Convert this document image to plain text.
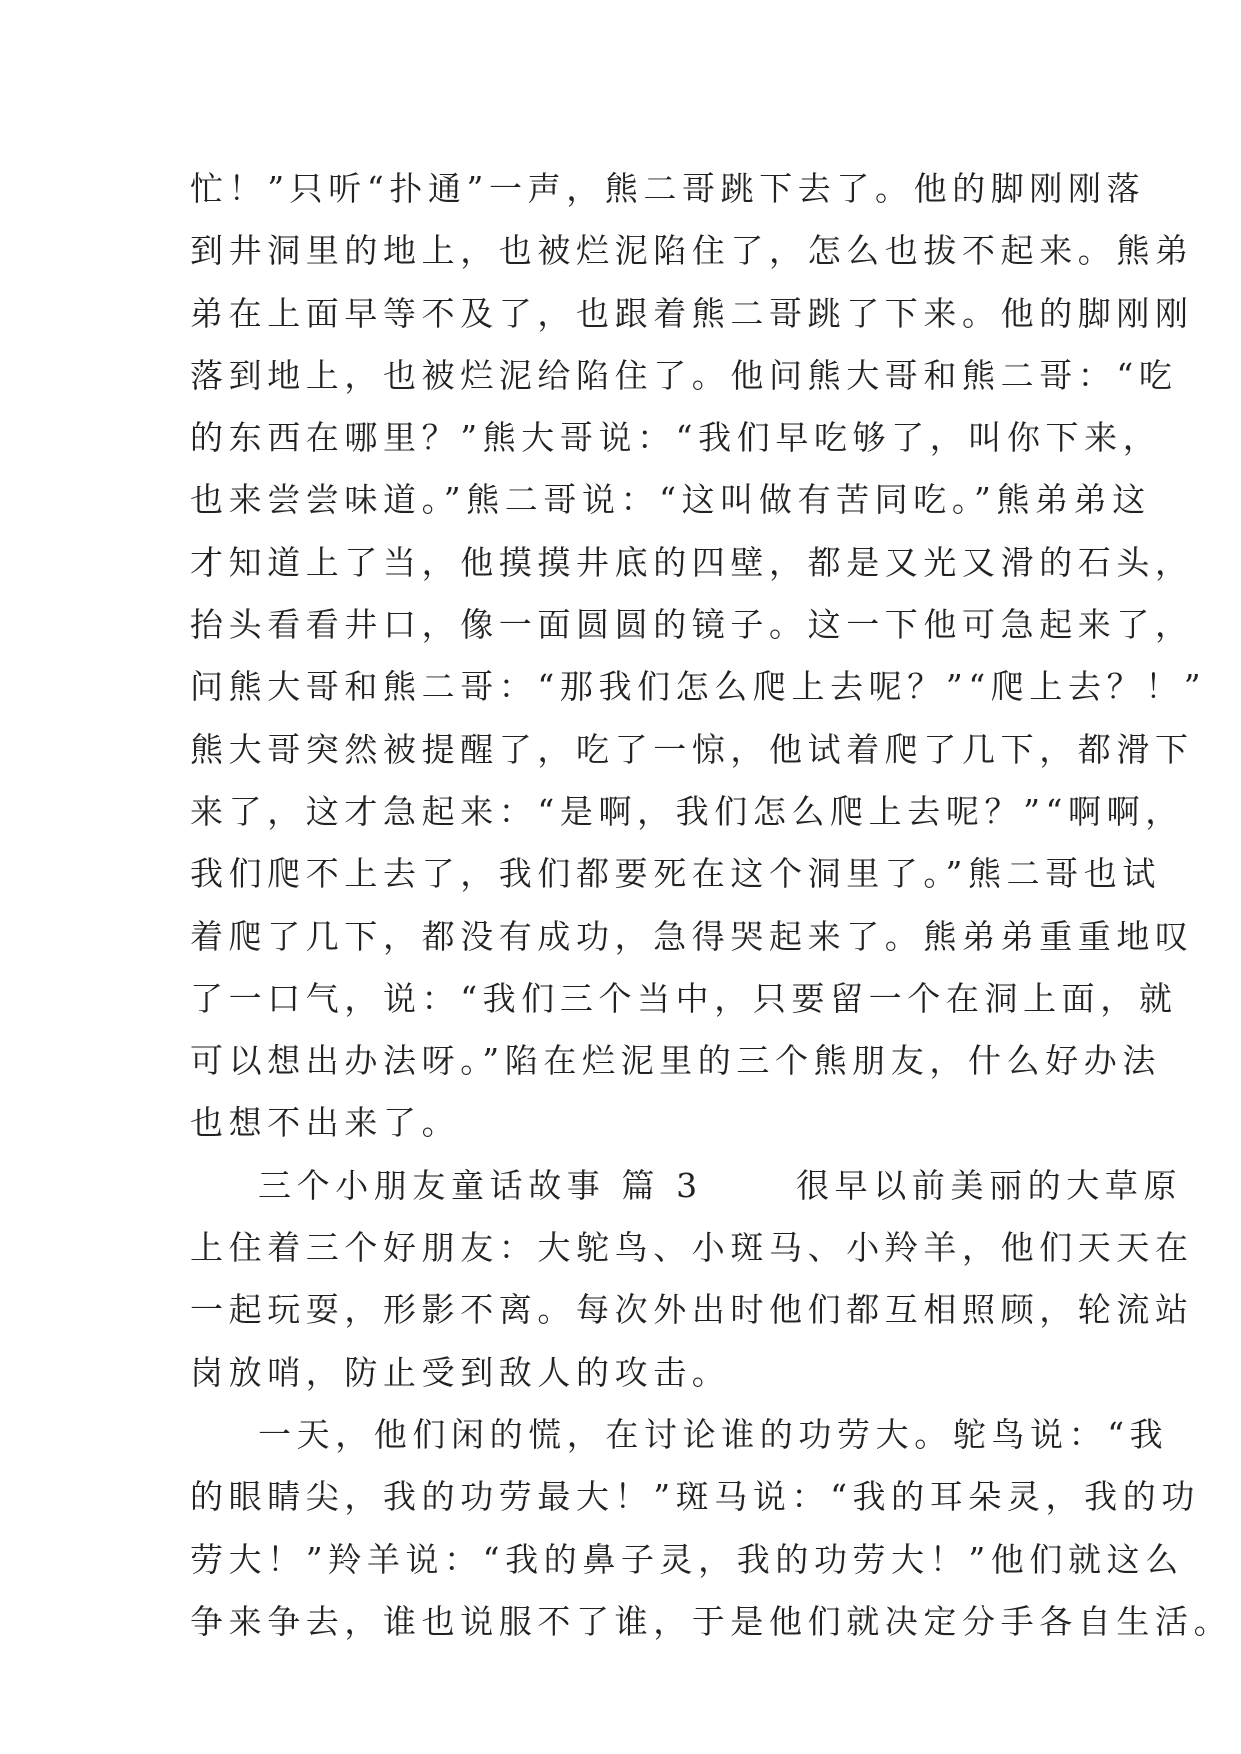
忙！”只听“扑通”一声，熊二哥跳下去了。他的脚刚刚落
到井洞里的地上，也被烂泥陷住了，怎么也拔不起来。熊弟
弟在上面早等不及了，也跟着熊二哥跳了下来。他的脚刚刚
落到地上，也被烂泥给陷住了。他问熊大哥和熊二哥：“吃
的东西在哪里？”熊大哥说：“我们早吃够了，叫你下来，
也来尝尝味道。”熊二哥说：“这叫做有苦同吃。”熊弟弟这
才知道上了当，他摸摸井底的四壁，都是又光又滑的石头，
抬头看看井口，像一面圆圆的镜子。这一下他可急起来了，
问熊大哥和熊二哥：“那我们怎么爬上去呢？”“爬上去？！”
熊大哥突然被提醒了，吃了一惊，他试着爬了几下，都滑下
来了，这才急起来：“是啊，我们怎么爬上去呢？”“啊啊，
我们爬不上去了，我们都要死在这个洞里了。”熊二哥也试
着爬了几下，都没有成功，急得哭起来了。熊弟弟重重地叹
了一口气，说：“我们三个当中，只要留一个在洞上面，就
可以想出办法呀。”陷在烂泥里的三个熊朋友，什么好办法
也想不出来了。
三个小朋友童话故事 篇 3 　　很早以前美丽的大草原
上住着三个好朋友：大鸵鸟、小斑马、小羚羊，他们天天在
一起玩耍，形影不离。每次外出时他们都互相照顾，轮流站
岗放哨，防止受到敌人的攻击。
一天，他们闲的慌，在讨论谁的功劳大。鸵鸟说：“我
的眼睛尖，我的功劳最大！”斑马说：“我的耳朵灵，我的功
劳大！”羚羊说：“我的鼻子灵，我的功劳大！”他们就这么
争来争去，谁也说服不了谁，于是他们就决定分手各自生活。
